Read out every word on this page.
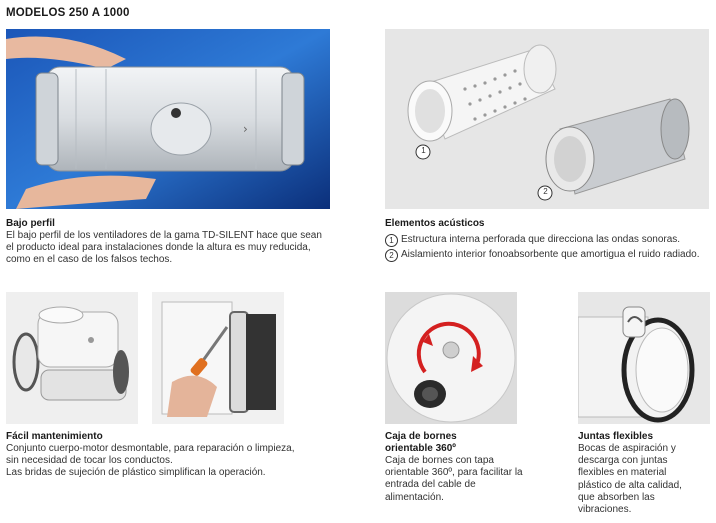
MODELOS 250 A 1000
›
1
2
Bajo perfil
El bajo perfil de los ventiladores de la gama TD-SILENT hace que sean el producto ideal para instalaciones donde la altura es muy reducida, como en el caso de los falsos techos.
Elementos acústicos
1 Estructura interna perforada que direcciona las ondas sonoras.
2 Aislamiento interior fonoabsorbente que amortigua el ruido radiado.
Fácil mantenimiento
Conjunto cuerpo-motor desmontable, para reparación o limpieza, sin necesidad de tocar los conductos.
Las bridas de sujeción de plástico simplifican la operación.
Caja de bornes
orientable 360º
Caja de bornes con tapa orientable 360º, para facilitar la entrada del cable de alimentación.
Juntas flexibles
Bocas de aspiración y descarga con juntas flexibles en material plástico de alta calidad, que absorben las vibraciones.
